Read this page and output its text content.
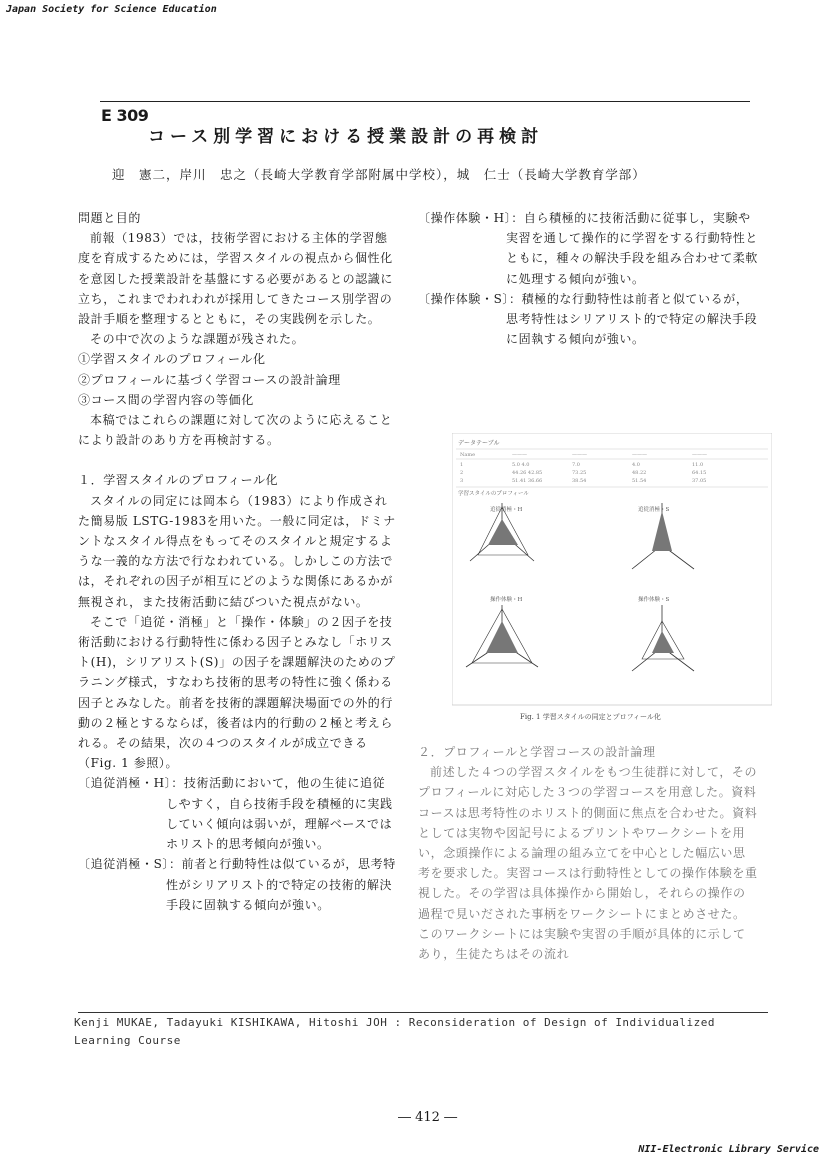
Japan Society for Science Education
E 309
コース別学習における授業設計の再検討
迎　憲二，岸川　忠之（長崎大学教育学部附属中学校），城　仁士（長崎大学教育学部）

問題と目的

前報（1983）では，技術学習における主体的学習態度を育成するためには，学習スタイルの視点から個性化を意図した授業設計を基盤にする必要があるとの認識に立ち，これまでわれわれが採用してきたコース別学習の設計手順を整理するとともに，その実践例を示した。

その中で次のような課題が残された。

①学習スタイルのプロフィール化

②プロフィールに基づく学習コースの設計論理

③コース間の学習内容の等価化

本稿ではこれらの課題に対して次のように応えることにより設計のあり方を再検討する。

１．学習スタイルのプロフィール化

スタイルの同定には岡本ら（1983）により作成された簡易版 LSTG-1983を用いた。一般に同定は，ドミナントなスタイル得点をもってそのスタイルと規定するような一義的な方法で行なわれている。しかしこの方法では，それぞれの因子が相互にどのような関係にあるかが無視され，また技術活動に結びついた視点がない。

そこで「追従・消極」と「操作・体験」の２因子を技術活動における行動特性に係わる因子とみなし「ホリスト(H)，シリアリスト(S)」の因子を課題解決のためのプラニング様式，すなわち技術的思考の特性に強く係わる因子とみなした。前者を技術的課題解決場面での外的行動の２極とするならば，後者は内的行動の２極と考えられる。その結果，次の４つのスタイルが成立できる（Fig. 1 参照）。

〔追従消極・H〕：技術活動において，他の生徒に追従しやすく，自ら技術手段を積極的に実践していく傾向は弱いが，理解ベースではホリスト的思考傾向が強い。

〔追従消極・S〕：前者と行動特性は似ているが，思考特性がシリアリスト的で特定の技術的解決手段に固執する傾向が強い。

〔操作体験・H〕：自ら積極的に技術活動に従事し，実験や実習を通して操作的に学習をする行動特性とともに，種々の解決手段を組み合わせて柔軟に処理する傾向が強い。

〔操作体験・S〕：積極的な行動特性は前者と似ているが，思考特性はシリアリスト的で特定の解決手段に固執する傾向が強い。

データテーブル
Name	———	———	———	———
1	5.0 4.0	7.0	4.0	11.0
2	44.26 42.85	73.25	48.22	64.15
3	51.41 36.66	38.54	51.54	37.05
学習スタイルのプロフィール
追従消極・H	追従消極・S
操作体験・H	操作体験・S
Fig. 1 学習スタイルの同定とプロフィール化

２．プロフィールと学習コースの設計論理

前述した４つの学習スタイルをもつ生徒群に対して，そのプロフィールに対応した３つの学習コースを用意した。資料コースは思考特性のホリスト的側面に焦点を合わせた。資料としては実物や図記号によるプリントやワークシートを用い，念頭操作による論理の組み立てを中心とした幅広い思考を要求した。実習コースは行動特性としての操作体験を重視した。その学習は具体操作から開始し，それらの操作の過程で見いだされた事柄をワークシートにまとめさせた。このワークシートには実験や実習の手順が具体的に示してあり，生徒たちはその流れ

Kenji MUKAE, Tadayuki KISHIKAWA, Hitoshi JOH : Reconsideration of Design of Individualized Learning Course
― 412 ―
NII-Electronic Library Service
